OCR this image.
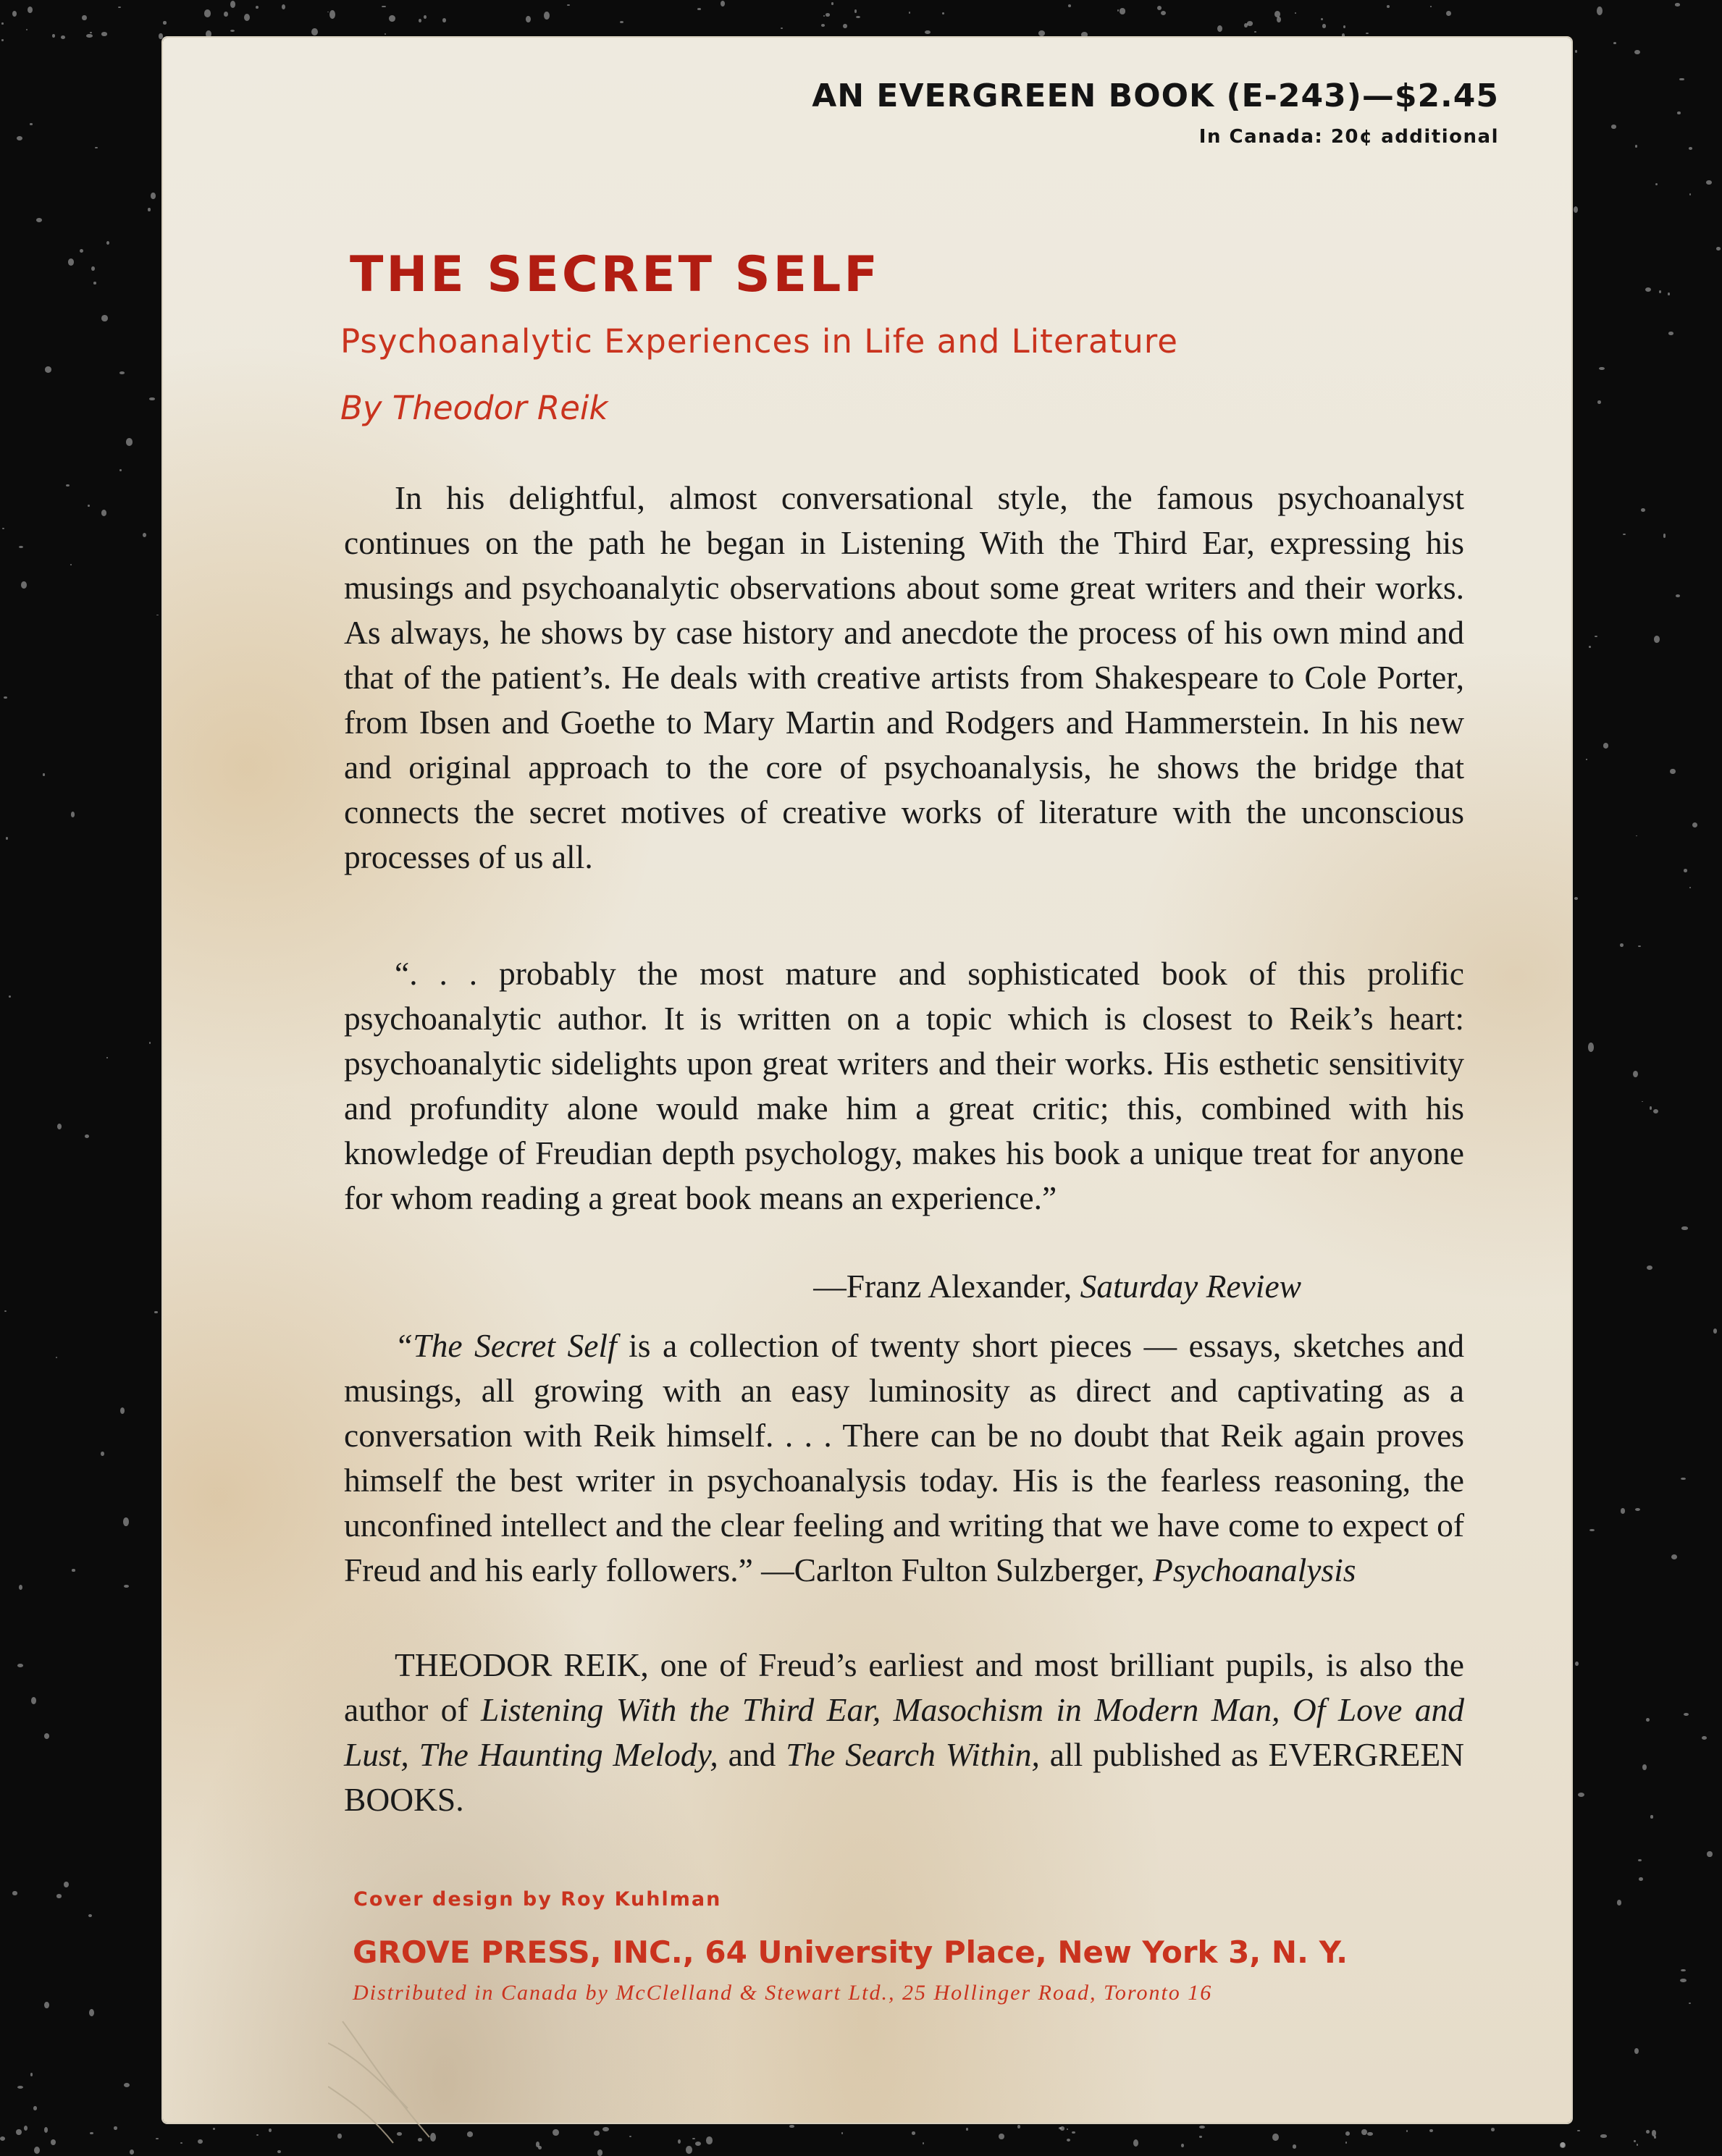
AN EVERGREEN BOOK (E-243)—$2.45
In Canada: 20¢ additional
THE SECRET SELF
Psychoanalytic Experiences in Life and Literature
By Theodor Reik

In his delightful, almost conversational style, the famous psychoanalyst continues on the path he began in Listening With the Third Ear, expressing his musings and psychoanalytic observations about some great writers and their works. As always, he shows by case history and anecdote the process of his own mind and that of the patient’s. He deals with creative artists from Shakespeare to Cole Porter, from Ibsen and Goethe to Mary Martin and Rodgers and Hammerstein. In his new and original approach to the core of psychoanalysis, he shows the bridge that connects the secret motives of creative works of literature with the unconscious processes of us all.

“. . . probably the most mature and sophisticated book of this prolific psychoanalytic author. It is written on a topic which is closest to Reik’s heart: psychoanalytic sidelights upon great writers and their works. His esthetic sensitivity and profundity alone would make him a great critic; this, combined with his knowledge of Freudian depth psychology, makes his book a unique treat for anyone for whom reading a great book means an experience.”

—Franz Alexander, Saturday Review

“The Secret Self is a collection of twenty short pieces — essays, sketches and musings, all growing with an easy luminosity as direct and captivating as a conversation with Reik himself. . . . There can be no doubt that Reik again proves himself the best writer in psychoanalysis today. His is the fearless reasoning, the unconfined intellect and the clear feeling and writing that we have come to expect of Freud and his early followers.” —Carlton Fulton Sulzberger, Psychoanalysis

THEODOR REIK, one of Freud’s earliest and most brilliant pupils, is also the author of Listening With the Third Ear, Masochism in Modern Man, Of Love and Lust, The Haunting Melody, and The Search Within, all published as EVERGREEN BOOKS.

Cover design by Roy Kuhlman
GROVE PRESS, INC., 64 University Place, New York 3, N. Y.
Distributed in Canada by McClelland & Stewart Ltd., 25 Hollinger Road, Toronto 16
